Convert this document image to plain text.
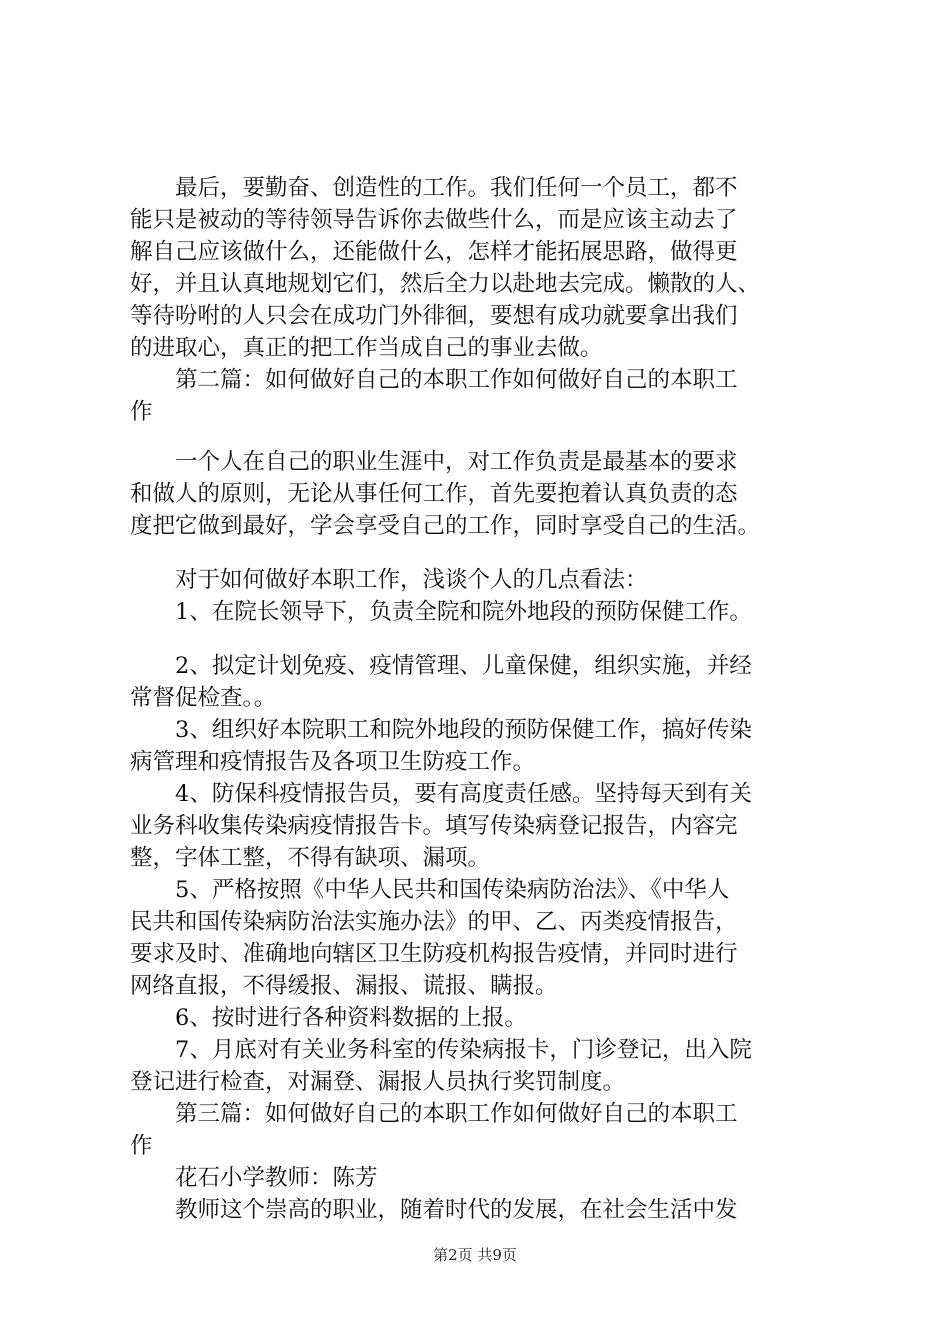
　　最后，要勤奋、创造性的工作。我们任何一个员工，都不
能只是被动的等待领导告诉你去做些什么，而是应该主动去了
解自己应该做什么，还能做什么，怎样才能拓展思路，做得更
好，并且认真地规划它们，然后全力以赴地去完成。懒散的人、
等待吩咐的人只会在成功门外徘徊，要想有成功就要拿出我们
的进取心，真正的把工作当成自己的事业去做。
　　第二篇：如何做好自己的本职工作如何做好自己的本职工
作
　　一个人在自己的职业生涯中，对工作负责是最基本的要求
和做人的原则，无论从事任何工作，首先要抱着认真负责的态
度把它做到最好，学会享受自己的工作，同时享受自己的生活。
　　对于如何做好本职工作，浅谈个人的几点看法：
　　1、在院长领导下，负责全院和院外地段的预防保健工作。
　　2、拟定计划免疫、疫情管理、儿童保健，组织实施，并经
常督促检查。。
　　3、组织好本院职工和院外地段的预防保健工作，搞好传染
病管理和疫情报告及各项卫生防疫工作。
　　4、防保科疫情报告员，要有高度责任感。坚持每天到有关
业务科收集传染病疫情报告卡。填写传染病登记报告，内容完
整，字体工整，不得有缺项、漏项。
　　5、严格按照《中华人民共和国传染病防治法》、《中华人
民共和国传染病防治法实施办法》的甲、乙、丙类疫情报告，
要求及时、准确地向辖区卫生防疫机构报告疫情，并同时进行
网络直报，不得缓报、漏报、谎报、瞒报。
　　6、按时进行各种资料数据的上报。
　　7、月底对有关业务科室的传染病报卡，门诊登记，出入院
登记进行检查，对漏登、漏报人员执行奖罚制度。
　　第三篇：如何做好自己的本职工作如何做好自己的本职工
作
　　花石小学教师：陈芳
　　教师这个崇高的职业，随着时代的发展，在社会生活中发
第2页 共9页
